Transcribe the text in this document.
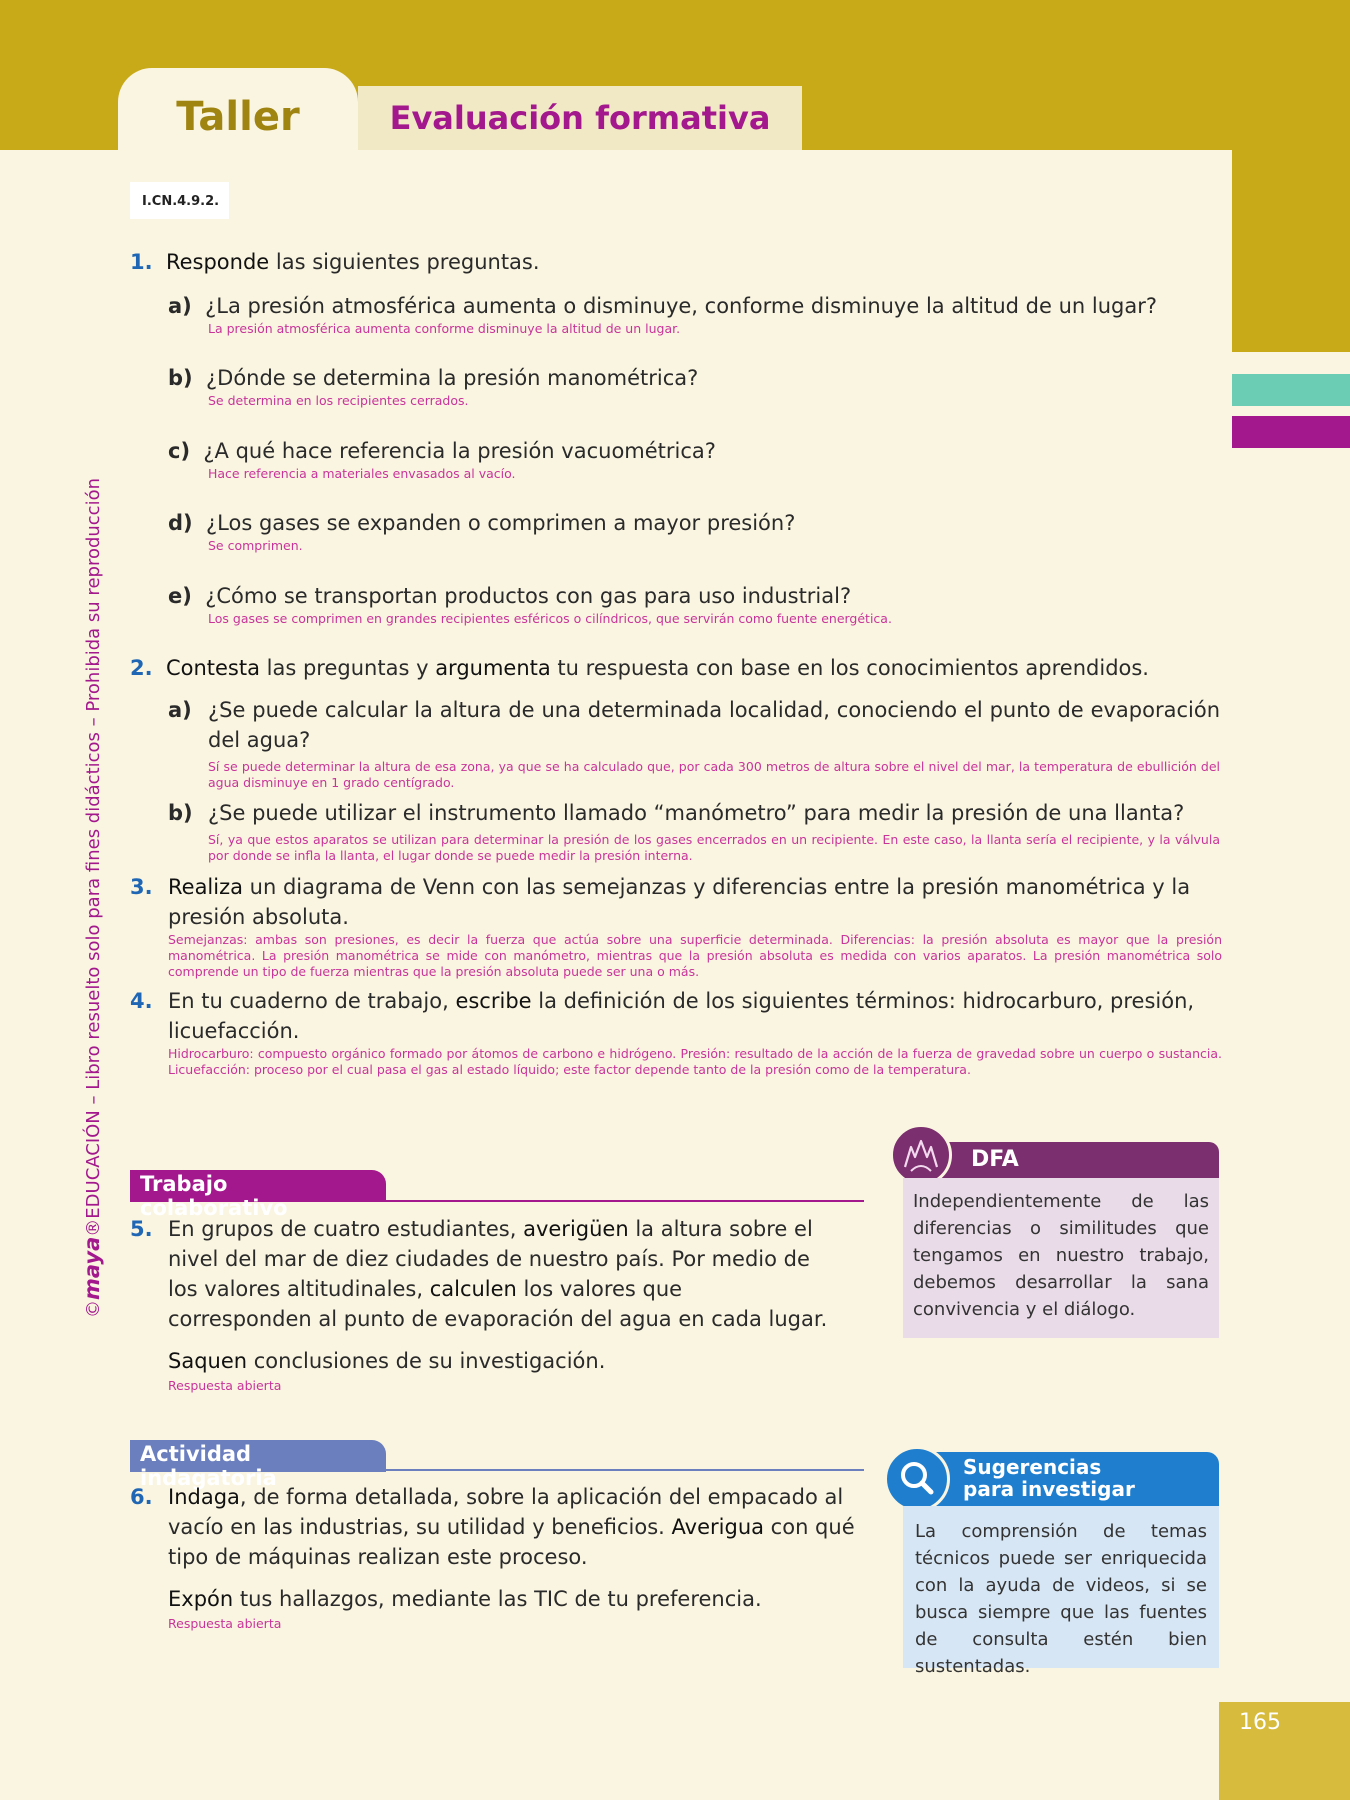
Taller	Evaluación formativa
I.CN.4.9.2.
©maya®EDUCACIÓN – Libro resuelto solo para fines didácticos – Prohibida su reproducción
1. Responde las siguientes preguntas.
a) ¿La presión atmosférica aumenta o disminuye, conforme disminuye la altitud de un lugar?
La presión atmosférica aumenta conforme disminuye la altitud de un lugar.
b) ¿Dónde se determina la presión manométrica?
Se determina en los recipientes cerrados.
c) ¿A qué hace referencia la presión vacuométrica?
Hace referencia a materiales envasados al vacío.
d) ¿Los gases se expanden o comprimen a mayor presión?
Se comprimen.
e) ¿Cómo se transportan productos con gas para uso industrial?
Los gases se comprimen en grandes recipientes esféricos o cilíndricos, que servirán como fuente energética.
2. Contesta las preguntas y argumenta tu respuesta con base en los conocimientos aprendidos.
a) ¿Se puede calcular la altura de una determinada localidad, conociendo el punto de evaporación del agua?
Sí se puede determinar la altura de esa zona, ya que se ha calculado que, por cada 300 metros de altura sobre el nivel del mar, la temperatura de ebullición del agua disminuye en 1 grado centígrado.
b) ¿Se puede utilizar el instrumento llamado “manómetro” para medir la presión de una llanta?
Sí, ya que estos aparatos se utilizan para determinar la presión de los gases encerrados en un recipiente. En este caso, la llanta sería el recipiente, y la válvula por donde se infla la llanta, el lugar donde se puede medir la presión interna.
3. Realiza un diagrama de Venn con las semejanzas y diferencias entre la presión manométrica y la presión absoluta.
Semejanzas: ambas son presiones, es decir la fuerza que actúa sobre una superficie determinada. Diferencias: la presión absoluta es mayor que la presión manométrica. La presión manométrica se mide con manómetro, mientras que la presión absoluta es medida con varios aparatos. La presión manométrica solo comprende un tipo de fuerza mientras que la presión absoluta puede ser una o más.
4. En tu cuaderno de trabajo, escribe la definición de los siguientes términos: hidrocarburo, presión, licuefacción.
Hidrocarburo: compuesto orgánico formado por átomos de carbono e hidrógeno. Presión: resultado de la acción de la fuerza de gravedad sobre un cuerpo o sustancia. Licuefacción: proceso por el cual pasa el gas al estado líquido; este factor depende tanto de la presión como de la temperatura.
Trabajo colaborativo
5. En grupos de cuatro estudiantes, averigüen la altura sobre el nivel del mar de diez ciudades de nuestro país. Por medio de los valores altitudinales, calculen los valores que corresponden al punto de evaporación del agua en cada lugar.
Saquen conclusiones de su investigación.
Respuesta abierta
Actividad indagatoria
6. Indaga, de forma detallada, sobre la aplicación del empacado al vacío en las industrias, su utilidad y beneficios. Averigua con qué tipo de máquinas realizan este proceso.
Expón tus hallazgos, mediante las TIC de tu preferencia.
Respuesta abierta
DFA
Independientemente de las diferencias o similitudes que tengamos en nuestro trabajo, debemos desarrollar la sana convivencia y el diálogo.
Sugerencias
para investigar
La comprensión de temas técnicos puede ser enriquecida con la ayuda de videos, si se busca siempre que las fuentes de consulta estén bien sustentadas.
165
